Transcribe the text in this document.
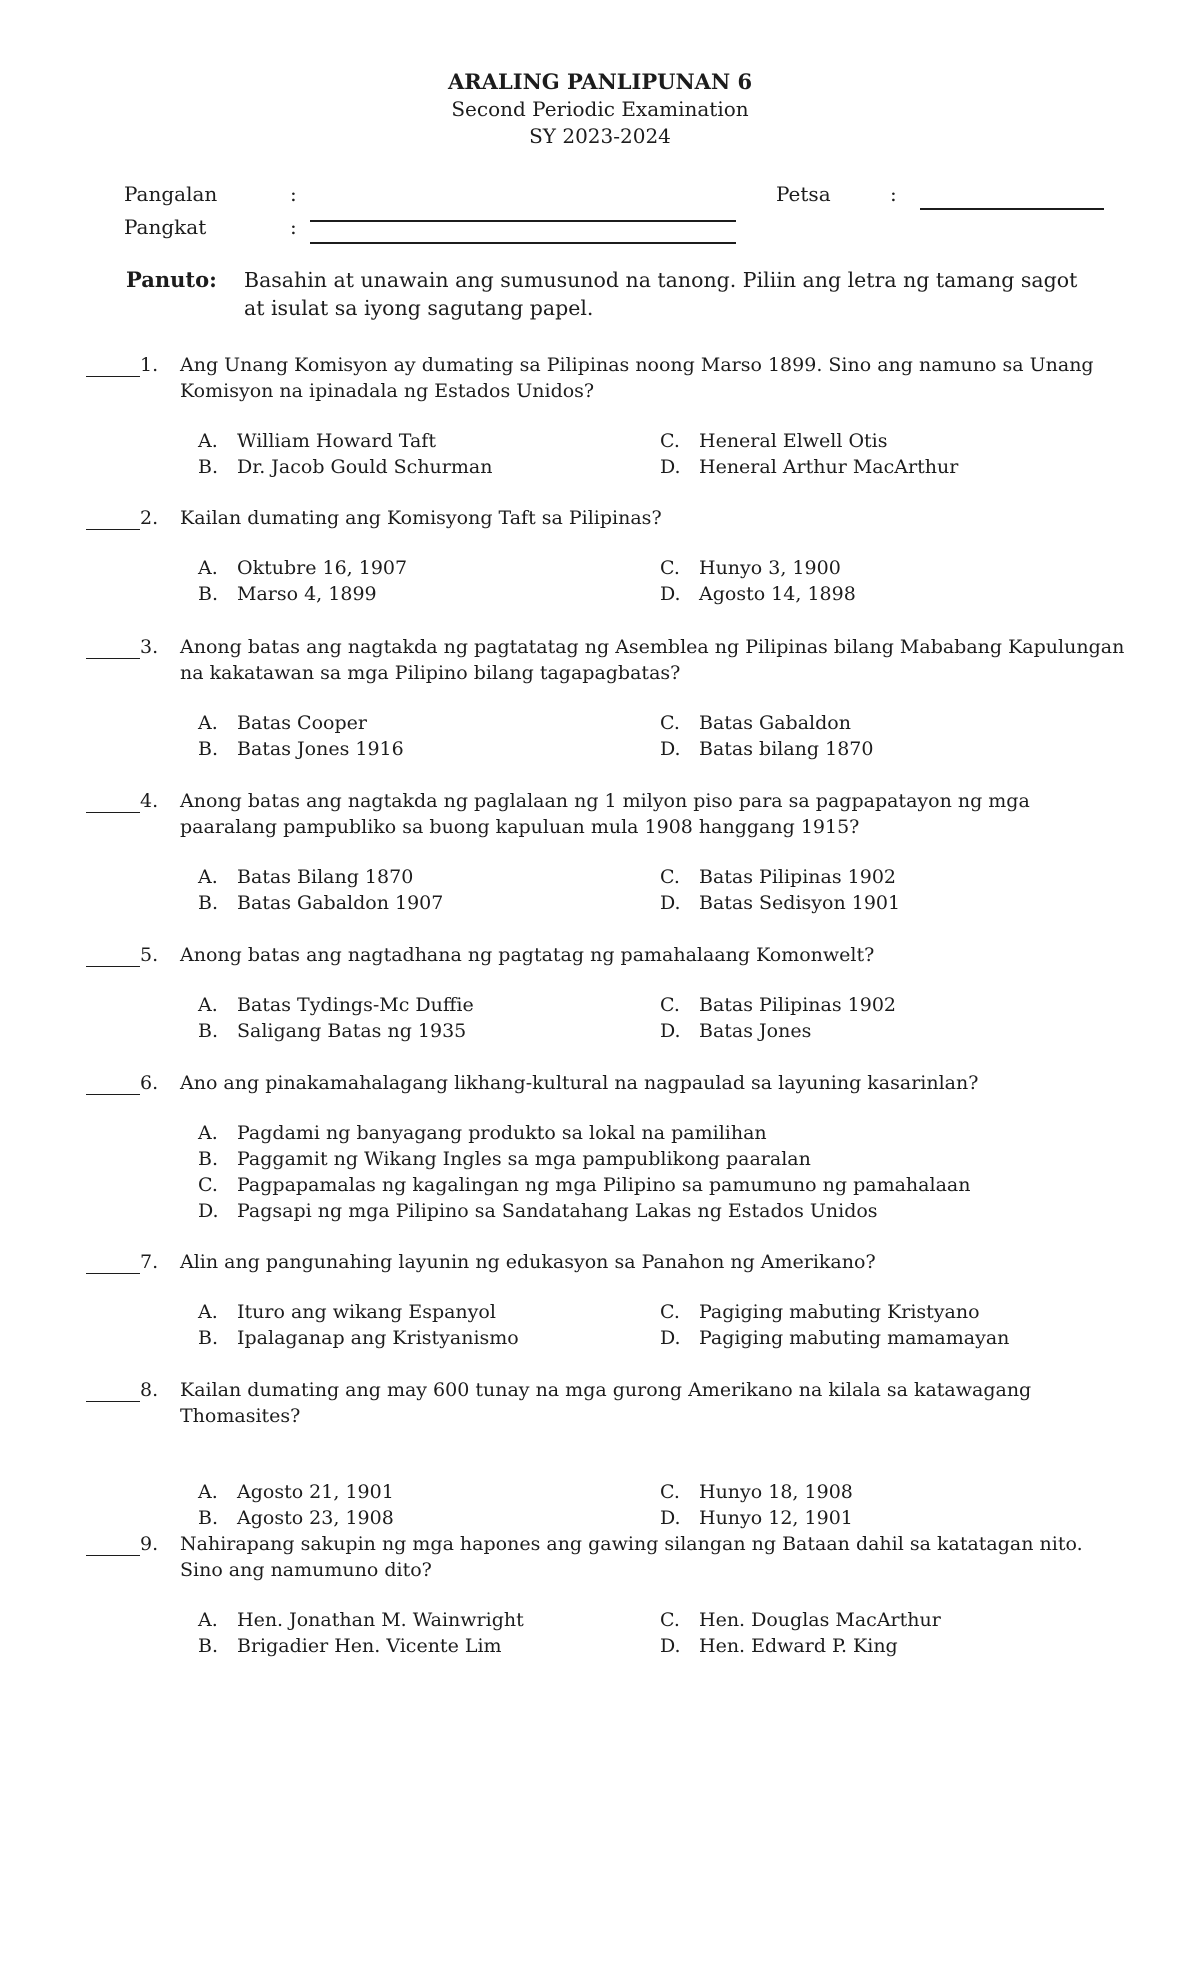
ARALING PANLIPUNAN 6
Second Periodic Examination
SY 2023-2024
Pangalan	:
Pangkat	:
Petsa	:
Panuto: Basahin at unawain ang sumusunod na tanong. Piliin ang letra ng tamang sagot at isulat sa iyong sagutang papel.
1.	Ang Unang Komisyon ay dumating sa Pilipinas noong Marso 1899. Sino ang namuno sa Unang Komisyon na ipinadala ng Estados Unidos?
A.	William Howard Taft	C.	Heneral Elwell Otis
B. Dr. Jacob Gould Schurman	D. Heneral Arthur MacArthur
2.	Kailan dumating ang Komisyong Taft sa Pilipinas?
A.	Oktubre 16, 1907	C.	Hunyo 3, 1900
B. Marso 4, 1899	D. Agosto 14, 1898
3.	Anong batas ang nagtakda ng pagtatatag ng Asemblea ng Pilipinas bilang Mababang Kapulungan na kakatawan sa mga Pilipino bilang tagapagbatas?
A.	Batas Cooper	C.	Batas Gabaldon
B. Batas Jones 1916	D. Batas bilang 1870
4.	Anong batas ang nagtakda ng paglalaan ng 1 milyon piso para sa pagpapatayon ng mga paaralang pampubliko sa buong kapuluan mula 1908 hanggang 1915?
A.	Batas Bilang 1870	C.	Batas Pilipinas 1902
B. Batas Gabaldon 1907	D. Batas Sedisyon 1901
5.	Anong batas ang nagtadhana ng pagtatag ng pamahalaang Komonwelt?
A.	Batas Tydings-Mc Duffie	C.	Batas Pilipinas 1902
B. Saligang Batas ng 1935	D. Batas Jones
6.	Ano ang pinakamahalagang likhang-kultural na nagpaulad sa layuning kasarinlan?
A.	Pagdami ng banyagang produkto sa lokal na pamilihan
B. Paggamit ng Wikang Ingles sa mga pampublikong paaralan
C.	Pagpapamalas ng kagalingan ng mga Pilipino sa pamumuno ng pamahalaan
D. Pagsapi ng mga Pilipino sa Sandatahang Lakas ng Estados Unidos
7.	Alin ang pangunahing layunin ng edukasyon sa Panahon ng Amerikano?
A.	Ituro ang wikang Espanyol	C.	Pagiging mabuting Kristyano
B. Ipalaganap ang Kristyanismo	D. Pagiging mabuting mamamayan
8.	Kailan dumating ang may 600 tunay na mga gurong Amerikano na kilala sa katawagang Thomasites?
A.	Agosto 21, 1901	C.	Hunyo 18, 1908
B. Agosto 23, 1908	D. Hunyo 12, 1901
9.	Nahirapang sakupin ng mga hapones ang gawing silangan ng Bataan dahil sa katatagan nito. Sino ang namumuno dito?
A.	Hen. Jonathan M. Wainwright	C.	Hen. Douglas MacArthur
B. Brigadier Hen. Vicente Lim	D. Hen. Edward P. King
